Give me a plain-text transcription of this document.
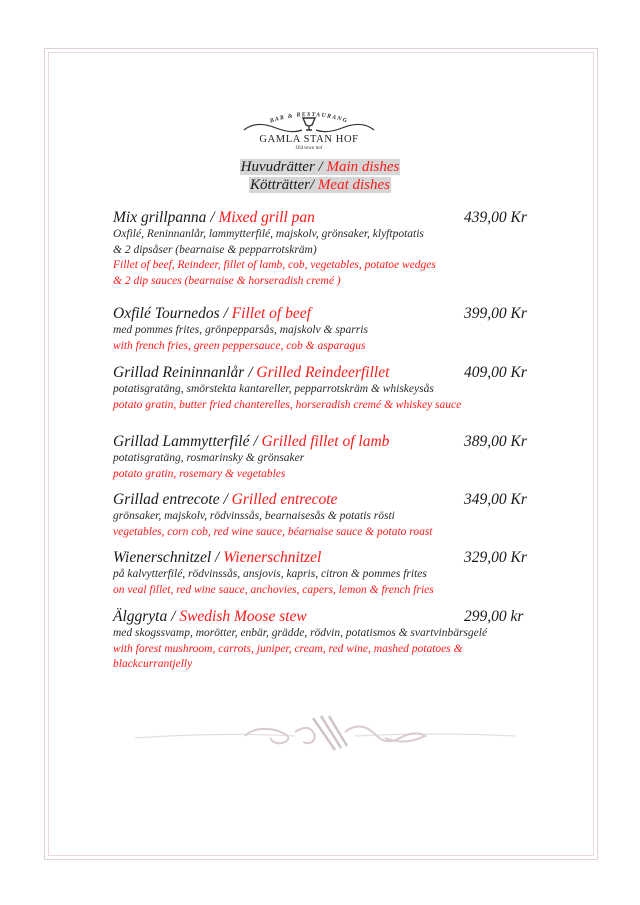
BAR & RESTAURANG
GAMLA STAN HOF
Old town hof
Huvudrätter / Main dishes
Kötträtter/ Meat dishes
Mix grillpanna / Mixed grill pan	439,00 Kr
Oxfilé, Reninnanlår, lammytterfilé, majskolv, grönsaker, klyftpotatis
& 2 dipsåser (bearnaise & pepparrotskräm)
Fillet of beef, Reindeer, fillet of lamb, cob, vegetables, potatoe wedges
& 2 dip sauces (bearnaise & horseradish cremé )
Oxfilé Tournedos / Fillet of beef	399,00 Kr
med pommes frites, grönpepparsås, majskolv & sparris
with french fries, green peppersauce, cob & asparagus
Grillad Reininnanlår / Grilled Reindeerfillet	409,00 Kr
potatisgratäng, smörstekta kantareller, pepparrotskräm & whiskeysås
potato gratin, butter fried chanterelles, horseradish cremé & whiskey sauce
Grillad Lammytterfilé / Grilled fillet of lamb	389,00 Kr
potatisgratäng, rosmarinsky & grönsaker
potato gratin, rosemary & vegetables
Grillad entrecote / Grilled entrecote	349,00 Kr
grönsaker, majskolv, rödvinssås, bearnaisesås & potatis rösti
vegetables, corn cob, red wine sauce, béarnaise sauce & potato roast
Wienerschnitzel / Wienerschnitzel	329,00 Kr
på kalvytterfilé, rödvinssås, ansjovis, kapris, citron & pommes frites
on veal fillet, red wine sauce, anchovies, capers, lemon & french fries
Älggryta / Swedish Moose stew	299,00 kr
med skogssvamp, morötter, enbär, grädde, rödvin, potatismos & svartvinbärsgelé
with forest mushroom, carrots, juniper, cream, red wine, mashed potatoes &
blackcurrantjelly
